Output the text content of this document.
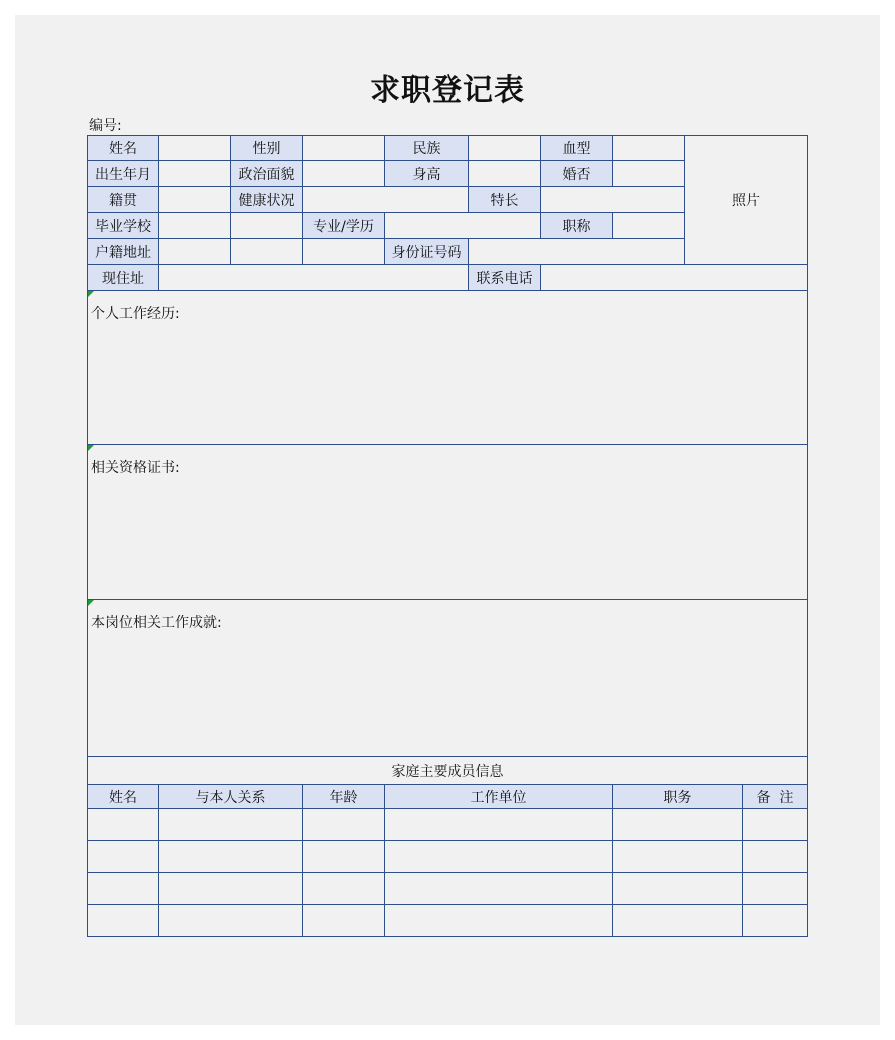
求职登记表
编号:
姓名	性别	民族	血型
照片
出生年月	政治面貌	身高	婚否
籍贯	健康状况	特长
毕业学校	专业/学历	职称
户籍地址	身份证号码
现住址	联系电话
个人工作经历:
相关资格证书:
本岗位相关工作成就:
家庭主要成员信息
姓名	与本人关系	年龄	工作单位	职务	备  注
